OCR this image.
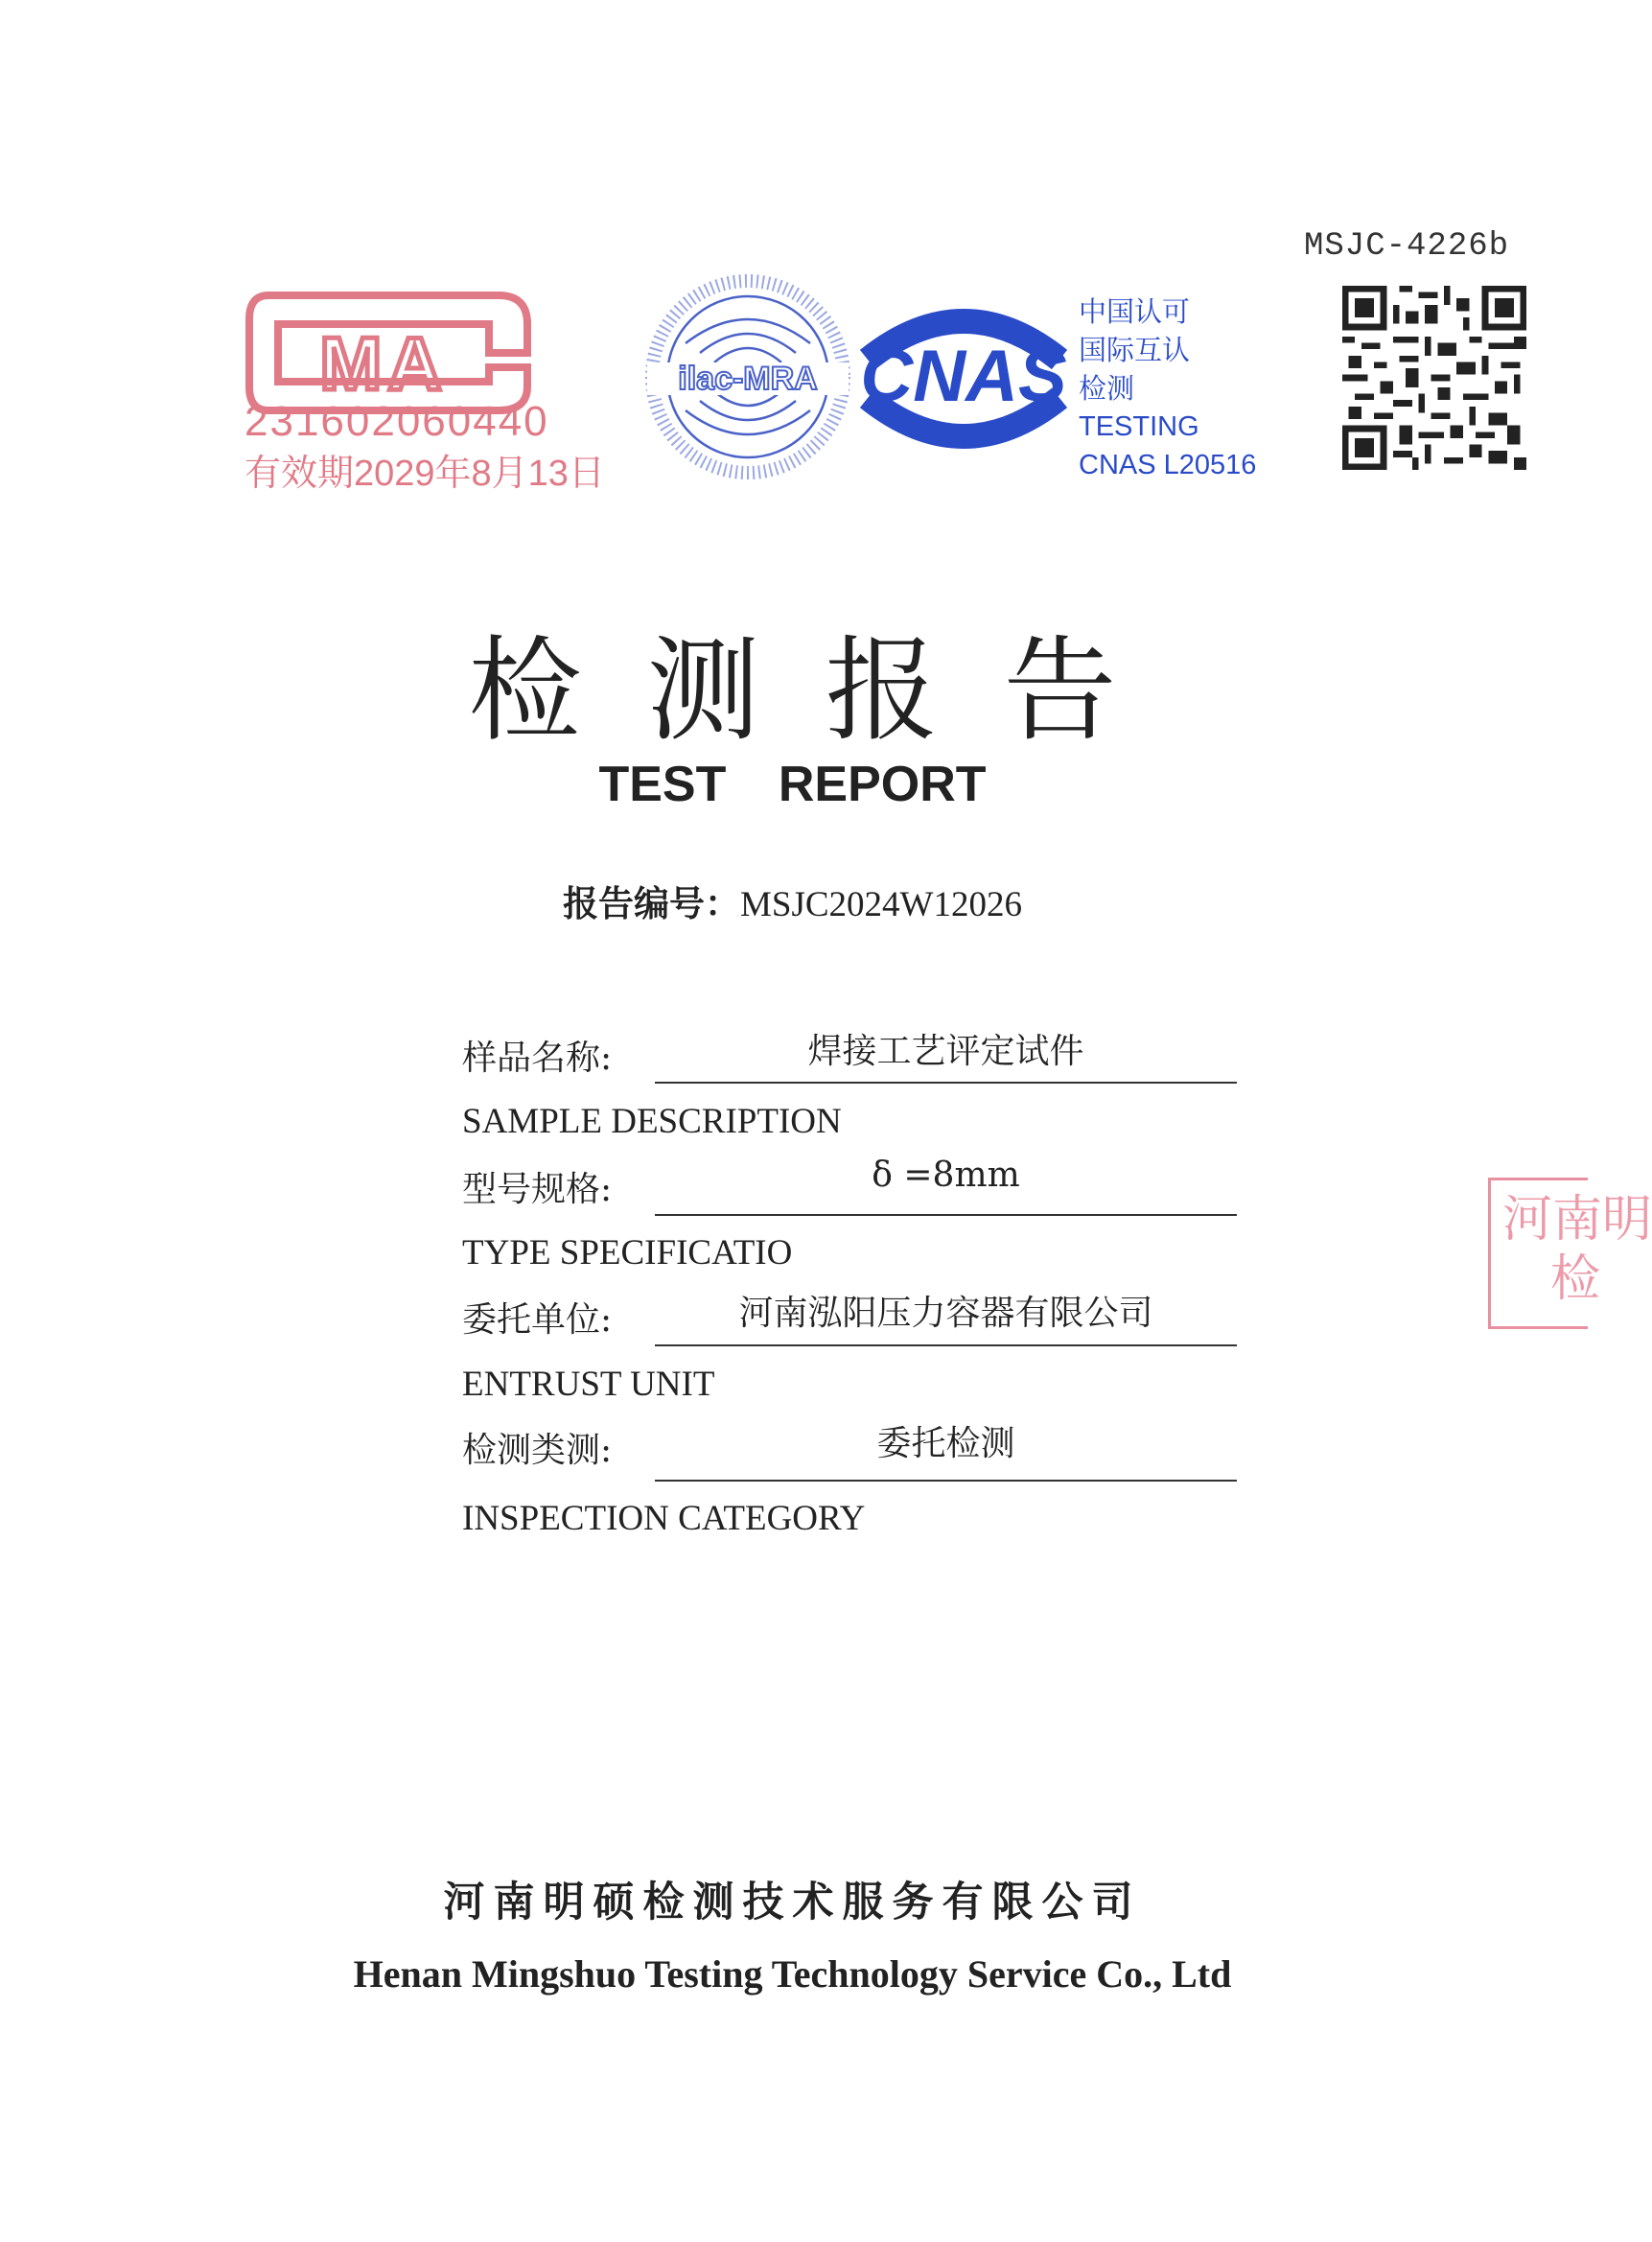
MSJC-4226b
MA
231602060440
有效期2029年8月13日
ilac-MRA CNAS
中国认可
国际互认
检测
TESTING
CNAS L20516
检测报告
TEST REPORT
报告编号：MSJC2024W12026
样品名称:	焊接工艺评定试件
SAMPLE DESCRIPTION
型号规格:	δ =8mm
TYPE SPECIFICATIO
委托单位:	河南泓阳压力容器有限公司
ENTRUST UNIT
检测类测:	委托检测
INSPECTION CATEGORY
河南明
检
河南明硕检测技术服务有限公司
Henan Mingshuo Testing Technology Service Co., Ltd
